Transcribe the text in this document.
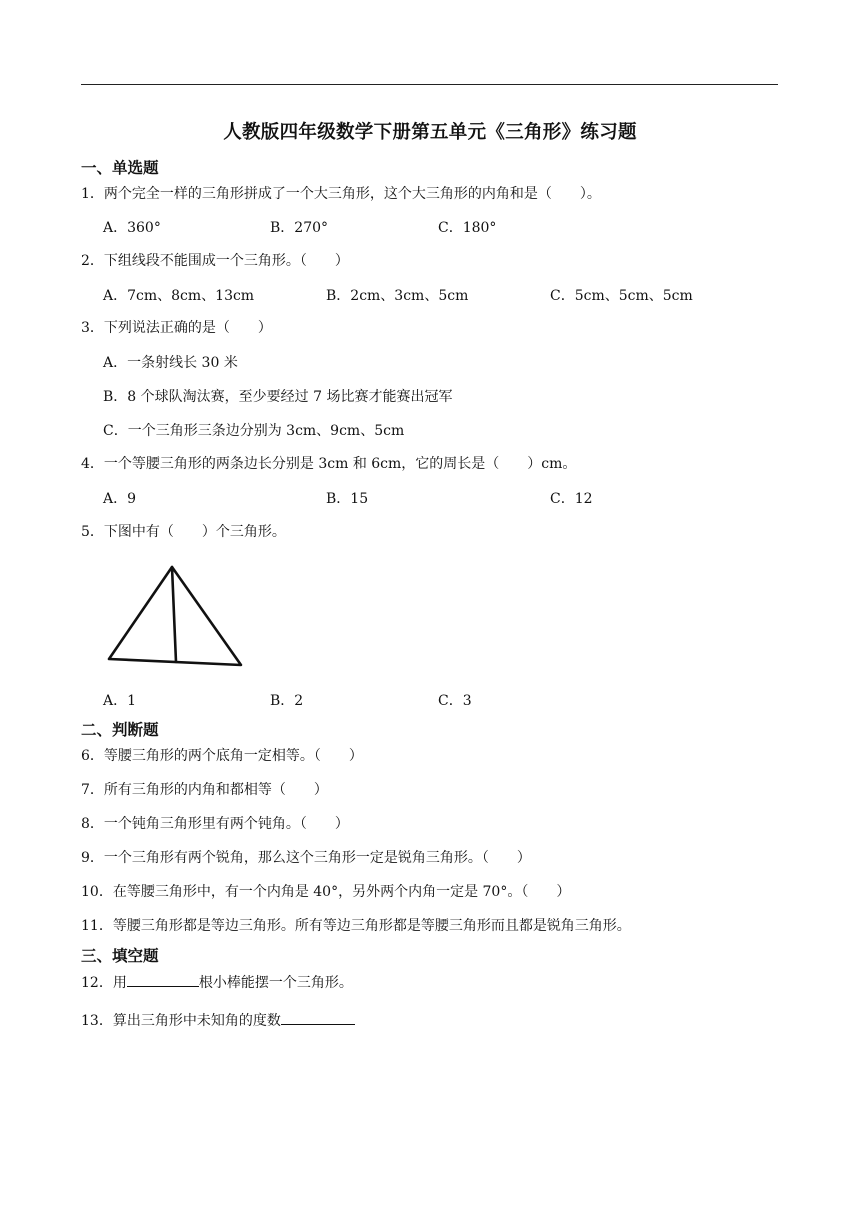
人教版四年级数学下册第五单元《三角形》练习题
一、单选题
1．两个完全一样的三角形拼成了一个大三角形，这个大三角形的内角和是（　　）。
A．360°	B．270°	C．180°
2．下组线段不能围成一个三角形。（　　）
A．7cm、8cm、13cm	B．2cm、3cm、5cm	C．5cm、5cm、5cm
3．下列说法正确的是（　　）
A．一条射线长 30 米
B．8 个球队淘汰赛，至少要经过 7 场比赛才能赛出冠军
C．一个三角形三条边分别为 3cm、9cm、5cm
4．一个等腰三角形的两条边长分别是 3cm 和 6cm，它的周长是（　　）cm。
A．9	B．15	C．12
5．下图中有（　　）个三角形。
A．1	B．2	C．3
二、判断题
6．等腰三角形的两个底角一定相等。（　　）
7．所有三角形的内角和都相等（　　）
8．一个钝角三角形里有两个钝角。（　　）
9．一个三角形有两个锐角，那么这个三角形一定是锐角三角形。（　　）
10．在等腰三角形中，有一个内角是 40°，另外两个内角一定是 70°。（　　）
11．等腰三角形都是等边三角形。所有等边三角形都是等腰三角形而且都是锐角三角形。
三、填空题
12．用	根小棒能摆一个三角形。
13．算出三角形中未知角的度数
